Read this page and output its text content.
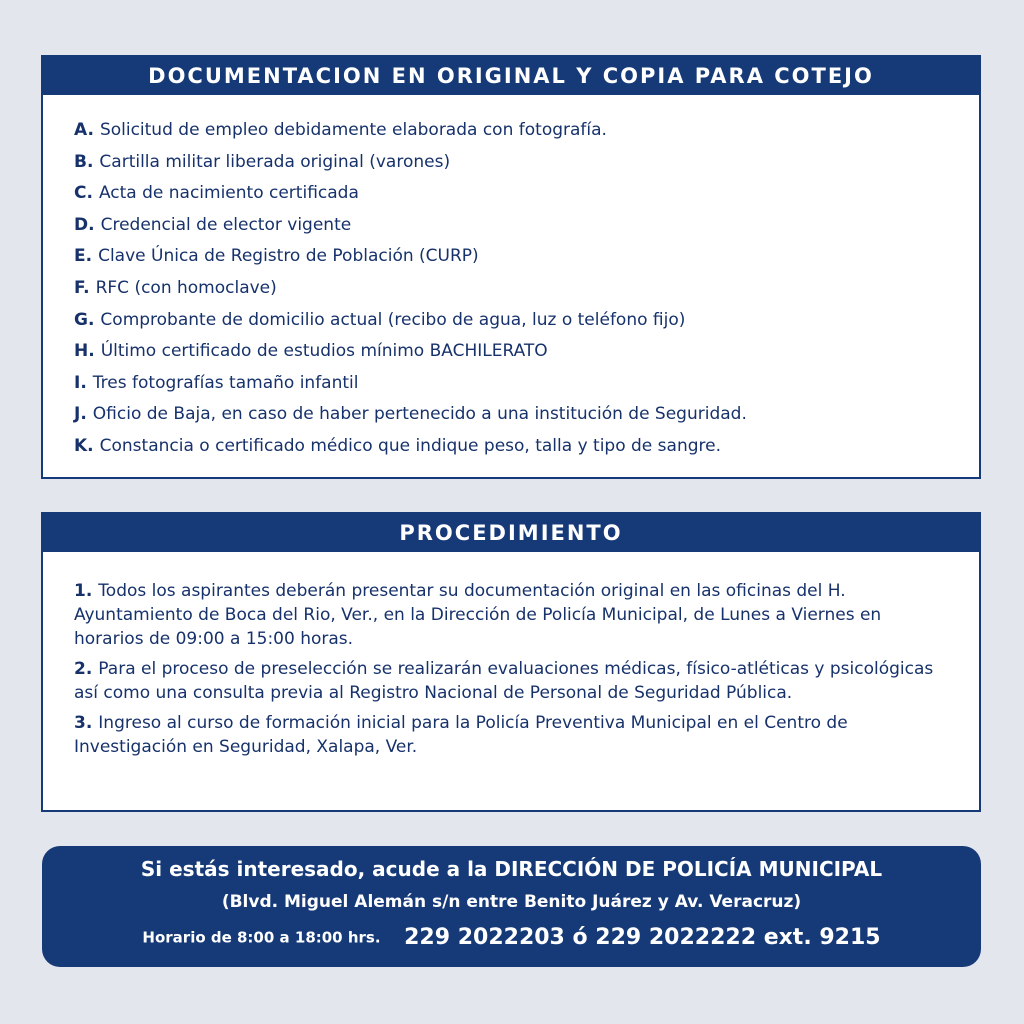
DOCUMENTACION EN ORIGINAL Y COPIA PARA COTEJO
A. Solicitud de empleo debidamente elaborada con fotografía.
B. Cartilla militar liberada original (varones)
C. Acta de nacimiento certificada
D. Credencial de elector vigente
E. Clave Única de Registro de Población (CURP)
F. RFC (con homoclave)
G. Comprobante de domicilio actual (recibo de agua, luz o teléfono fijo)
H. Último certificado de estudios mínimo BACHILERATO
I. Tres fotografías tamaño infantil
J. Oficio de Baja, en caso de haber pertenecido a una institución de Seguridad.
K. Constancia o certificado médico que indique peso, talla y tipo de sangre.
PROCEDIMIENTO
1. Todos los aspirantes deberán presentar su documentación original en las oficinas del H. Ayuntamiento de Boca del Rio, Ver., en la Dirección de Policía Municipal, de Lunes a Viernes en horarios de 09:00 a 15:00 horas.
2. Para el proceso de preselección se realizarán evaluaciones médicas, físico-atléticas y psicológicas así como una consulta previa al Registro Nacional de Personal de Seguridad Pública.
3. Ingreso al curso de formación inicial para la Policía Preventiva Municipal en el Centro de Investigación en Seguridad, Xalapa, Ver.
Si estás interesado, acude a la DIRECCIÓN DE POLICÍA MUNICIPAL
(Blvd. Miguel Alemán s/n entre Benito Juárez y Av. Veracruz)
Horario de 8:00 a 18:00 hrs. 229 2022203 ó 229 2022222 ext. 9215
